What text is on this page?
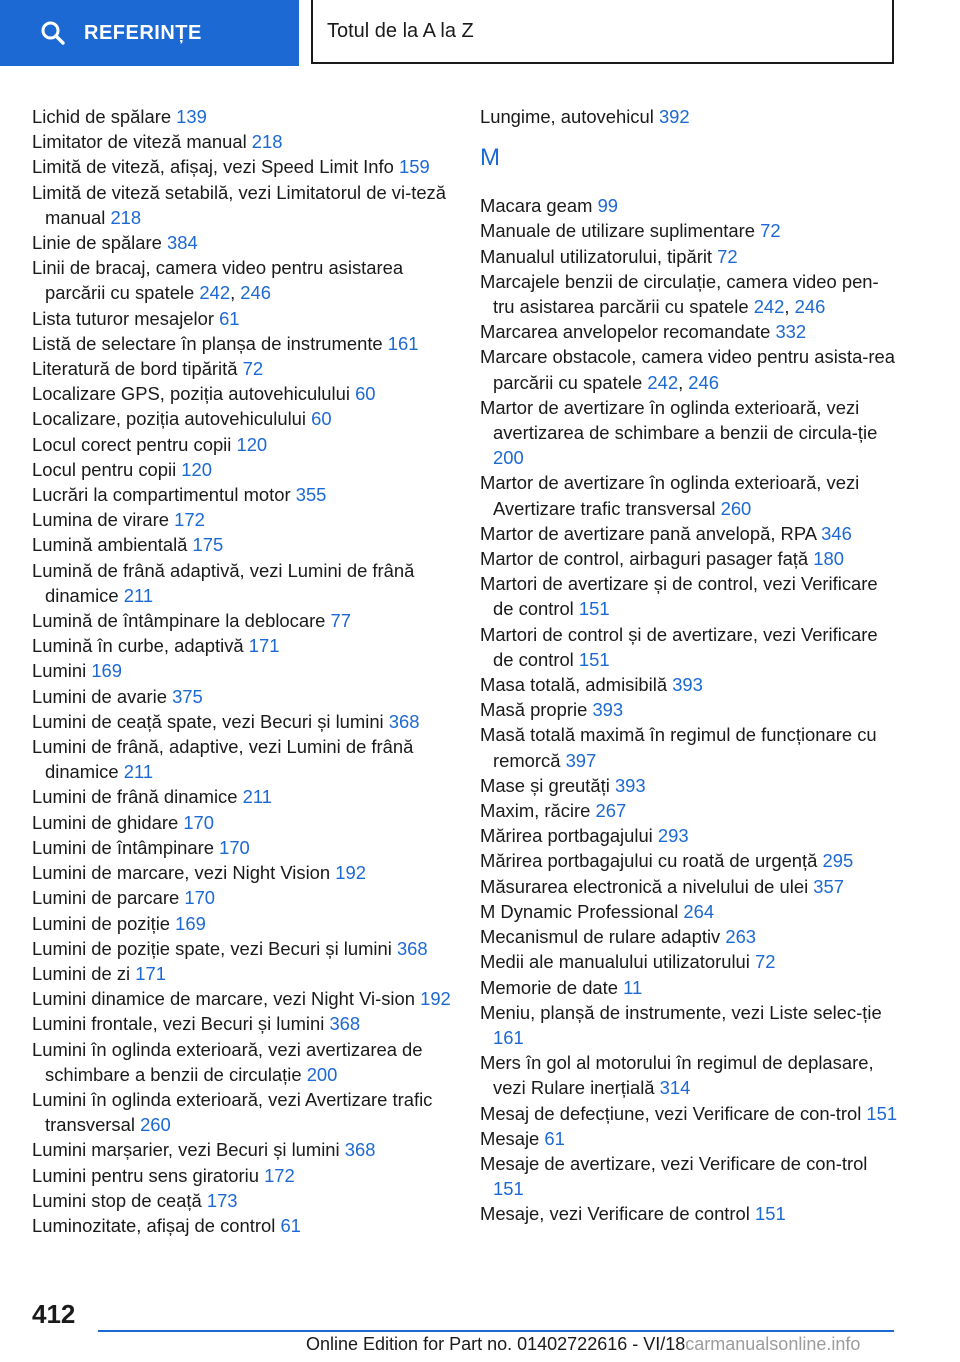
REFERINȚE	Totul de la A la Z

Lichid de spălare 139

Limitator de viteză manual 218

Limită de viteză, afișaj, vezi Speed Limit Info 159

Limită de viteză setabilă, vezi Limitatorul de vi‐teză manual 218

Linie de spălare 384

Linii de bracaj, camera video pentru asistarea parcării cu spatele 242, 246

Lista tuturor mesajelor 61

Listă de selectare în planșa de instrumente 161

Literatură de bord tipărită 72

Localizare GPS, poziția autovehiculului 60

Localizare, poziția autovehiculului 60

Locul corect pentru copii 120

Locul pentru copii 120

Lucrări la compartimentul motor 355

Lumina de virare 172

Lumină ambientală 175

Lumină de frână adaptivă, vezi Lumini de frână dinamice 211

Lumină de întâmpinare la deblocare 77

Lumină în curbe, adaptivă 171

Lumini 169

Lumini de avarie 375

Lumini de ceață spate, vezi Becuri și lumini 368

Lumini de frână, adaptive, vezi Lumini de frână dinamice 211

Lumini de frână dinamice 211

Lumini de ghidare 170

Lumini de întâmpinare 170

Lumini de marcare, vezi Night Vision 192

Lumini de parcare 170

Lumini de poziție 169

Lumini de poziție spate, vezi Becuri și lumini 368

Lumini de zi 171

Lumini dinamice de marcare, vezi Night Vi‐sion 192

Lumini frontale, vezi Becuri și lumini 368

Lumini în oglinda exterioară, vezi avertizarea de schimbare a benzii de circulație 200

Lumini în oglinda exterioară, vezi Avertizare trafic transversal 260

Lumini marșarier, vezi Becuri și lumini 368

Lumini pentru sens giratoriu 172

Lumini stop de ceață 173

Luminozitate, afișaj de control 61

Lungime, autovehicul 392

M

Macara geam 99

Manuale de utilizare suplimentare 72

Manualul utilizatorului, tipărit 72

Marcajele benzii de circulație, camera video pen‐tru asistarea parcării cu spatele 242, 246

Marcarea anvelopelor recomandate 332

Marcare obstacole, camera video pentru asista‐rea parcării cu spatele 242, 246

Martor de avertizare în oglinda exterioară, vezi avertizarea de schimbare a benzii de circula‐ție 200

Martor de avertizare în oglinda exterioară, vezi Avertizare trafic transversal 260

Martor de avertizare pană anvelopă, RPA 346

Martor de control, airbaguri pasager față 180

Martori de avertizare și de control, vezi Verificare de control 151

Martori de control și de avertizare, vezi Verificare de control 151

Masa totală, admisibilă 393

Masă proprie 393

Masă totală maximă în regimul de funcționare cu remorcă 397

Mase și greutăți 393

Maxim, răcire 267

Mărirea portbagajului 293

Mărirea portbagajului cu roată de urgență 295

Măsurarea electronică a nivelului de ulei 357

M Dynamic Professional 264

Mecanismul de rulare adaptiv 263

Medii ale manualului utilizatorului 72

Memorie de date 11

Meniu, planșă de instrumente, vezi Liste selec‐ție 161

Mers în gol al motorului în regimul de deplasare, vezi Rulare inerțială 314

Mesaj de defecțiune, vezi Verificare de con‐trol 151

Mesaje 61

Mesaje de avertizare, vezi Verificare de con‐trol 151

Mesaje, vezi Verificare de control 151

412
Online Edition for Part no. 01402722616 - VI/18carmanualsonline.info
